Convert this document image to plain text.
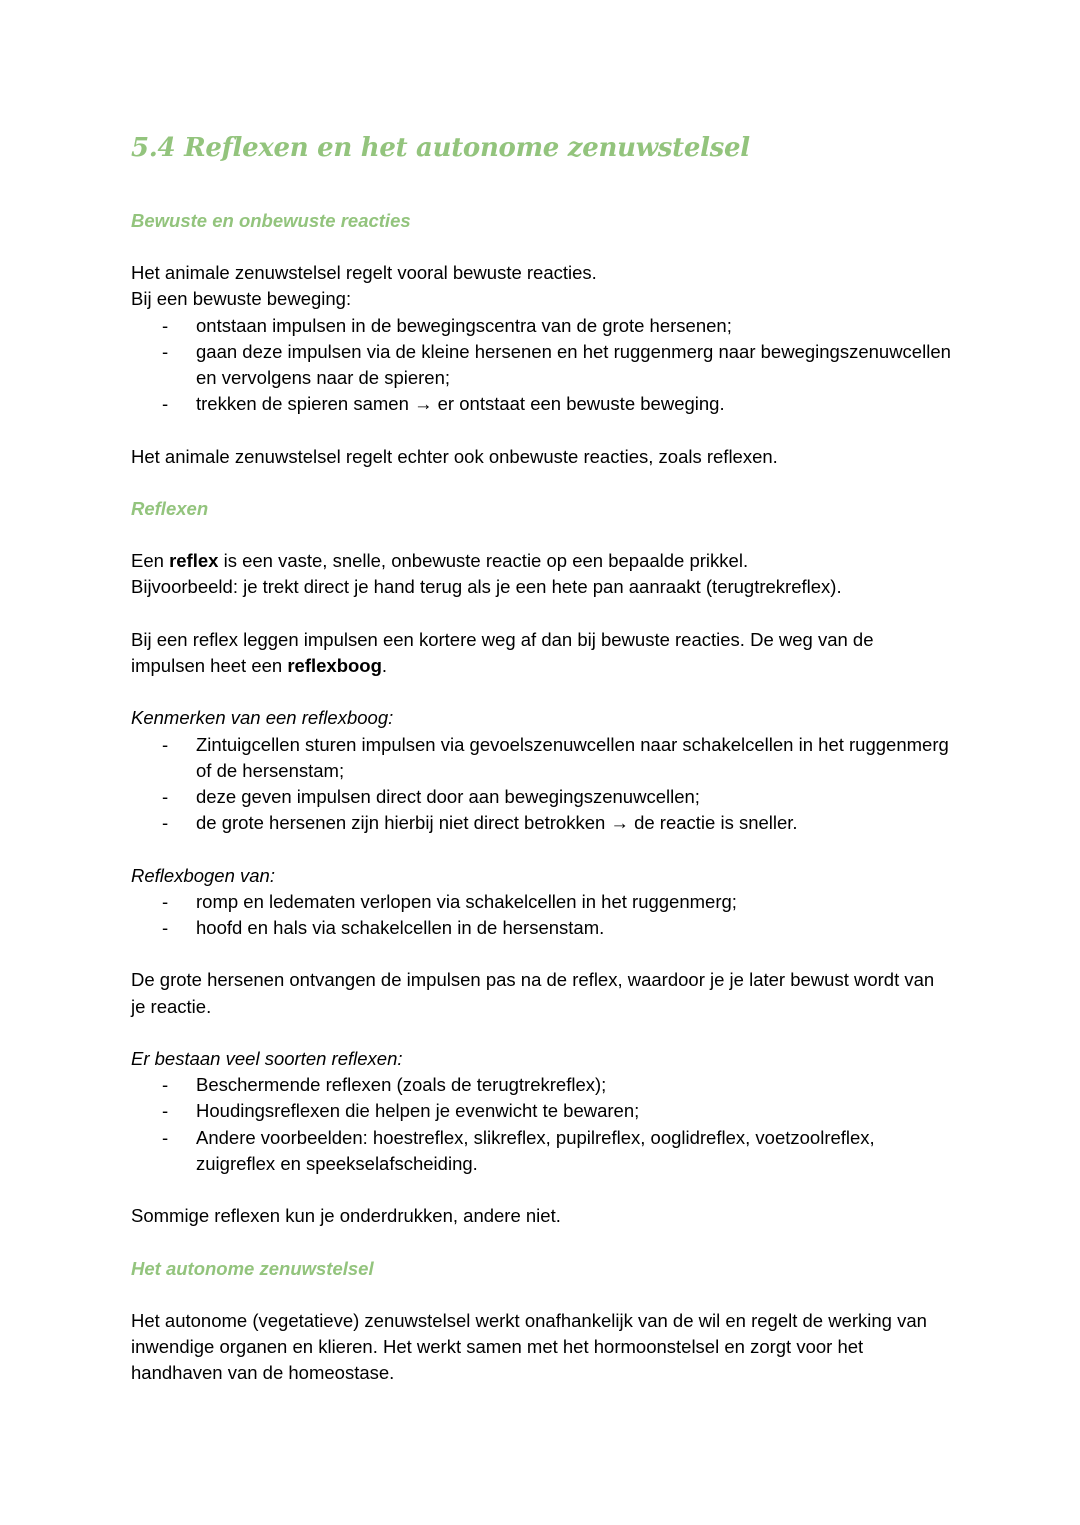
5.4 Reflexen en het autonome zenuwstelsel
Bewuste en onbewuste reacties

Het animale zenuwstelsel regelt vooral bewuste reacties.

Bij een bewuste beweging:

- ontstaan impulsen in de bewegingscentra van de grote hersenen;
- gaan deze impulsen via de kleine hersenen en het ruggenmerg naar bewegingszenuwcellen en vervolgens naar de spieren;
- trekken de spieren samen → er ontstaat een bewuste beweging.

Het animale zenuwstelsel regelt echter ook onbewuste reacties, zoals reflexen.

Reflexen

Een reflex is een vaste, snelle, onbewuste reactie op een bepaalde prikkel.

Bijvoorbeeld: je trekt direct je hand terug als je een hete pan aanraakt (terugtrekreflex).

Bij een reflex leggen impulsen een kortere weg af dan bij bewuste reacties. De weg van de impulsen heet een reflexboog.

Kenmerken van een reflexboog:

- Zintuigcellen sturen impulsen via gevoelszenuwcellen naar schakelcellen in het ruggenmerg of de hersenstam;
- deze geven impulsen direct door aan bewegingszenuwcellen;
- de grote hersenen zijn hierbij niet direct betrokken → de reactie is sneller.

Reflexbogen van:

- romp en ledematen verlopen via schakelcellen in het ruggenmerg;
- hoofd en hals via schakelcellen in de hersenstam.

De grote hersenen ontvangen de impulsen pas na de reflex, waardoor je je later bewust wordt van je reactie.

Er bestaan veel soorten reflexen:

- Beschermende reflexen (zoals de terugtrekreflex);
- Houdingsreflexen die helpen je evenwicht te bewaren;
- Andere voorbeelden: hoestreflex, slikreflex, pupilreflex, ooglidreflex, voetzoolreflex, zuigreflex en speekselafscheiding.

Sommige reflexen kun je onderdrukken, andere niet.

Het autonome zenuwstelsel

Het autonome (vegetatieve) zenuwstelsel werkt onafhankelijk van de wil en regelt de werking van inwendige organen en klieren. Het werkt samen met het hormoonstelsel en zorgt voor het handhaven van de homeostase.
